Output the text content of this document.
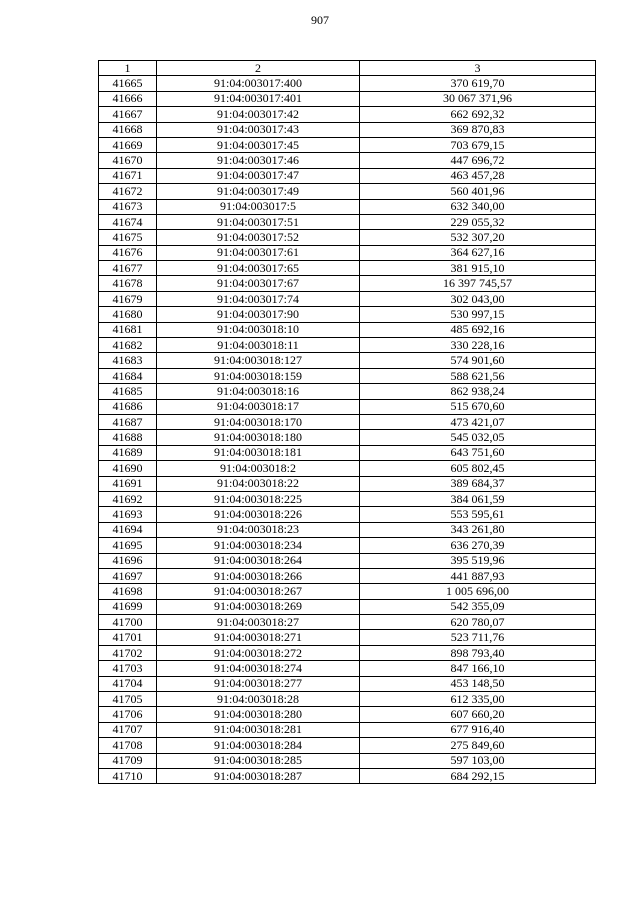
907
1	2	3
41665	91:04:003017:400	370 619,70
41666	91:04:003017:401	30 067 371,96
41667	91:04:003017:42	662 692,32
41668	91:04:003017:43	369 870,83
41669	91:04:003017:45	703 679,15
41670	91:04:003017:46	447 696,72
41671	91:04:003017:47	463 457,28
41672	91:04:003017:49	560 401,96
41673	91:04:003017:5	632 340,00
41674	91:04:003017:51	229 055,32
41675	91:04:003017:52	532 307,20
41676	91:04:003017:61	364 627,16
41677	91:04:003017:65	381 915,10
41678	91:04:003017:67	16 397 745,57
41679	91:04:003017:74	302 043,00
41680	91:04:003017:90	530 997,15
41681	91:04:003018:10	485 692,16
41682	91:04:003018:11	330 228,16
41683	91:04:003018:127	574 901,60
41684	91:04:003018:159	588 621,56
41685	91:04:003018:16	862 938,24
41686	91:04:003018:17	515 670,60
41687	91:04:003018:170	473 421,07
41688	91:04:003018:180	545 032,05
41689	91:04:003018:181	643 751,60
41690	91:04:003018:2	605 802,45
41691	91:04:003018:22	389 684,37
41692	91:04:003018:225	384 061,59
41693	91:04:003018:226	553 595,61
41694	91:04:003018:23	343 261,80
41695	91:04:003018:234	636 270,39
41696	91:04:003018:264	395 519,96
41697	91:04:003018:266	441 887,93
41698	91:04:003018:267	1 005 696,00
41699	91:04:003018:269	542 355,09
41700	91:04:003018:27	620 780,07
41701	91:04:003018:271	523 711,76
41702	91:04:003018:272	898 793,40
41703	91:04:003018:274	847 166,10
41704	91:04:003018:277	453 148,50
41705	91:04:003018:28	612 335,00
41706	91:04:003018:280	607 660,20
41707	91:04:003018:281	677 916,40
41708	91:04:003018:284	275 849,60
41709	91:04:003018:285	597 103,00
41710	91:04:003018:287	684 292,15
